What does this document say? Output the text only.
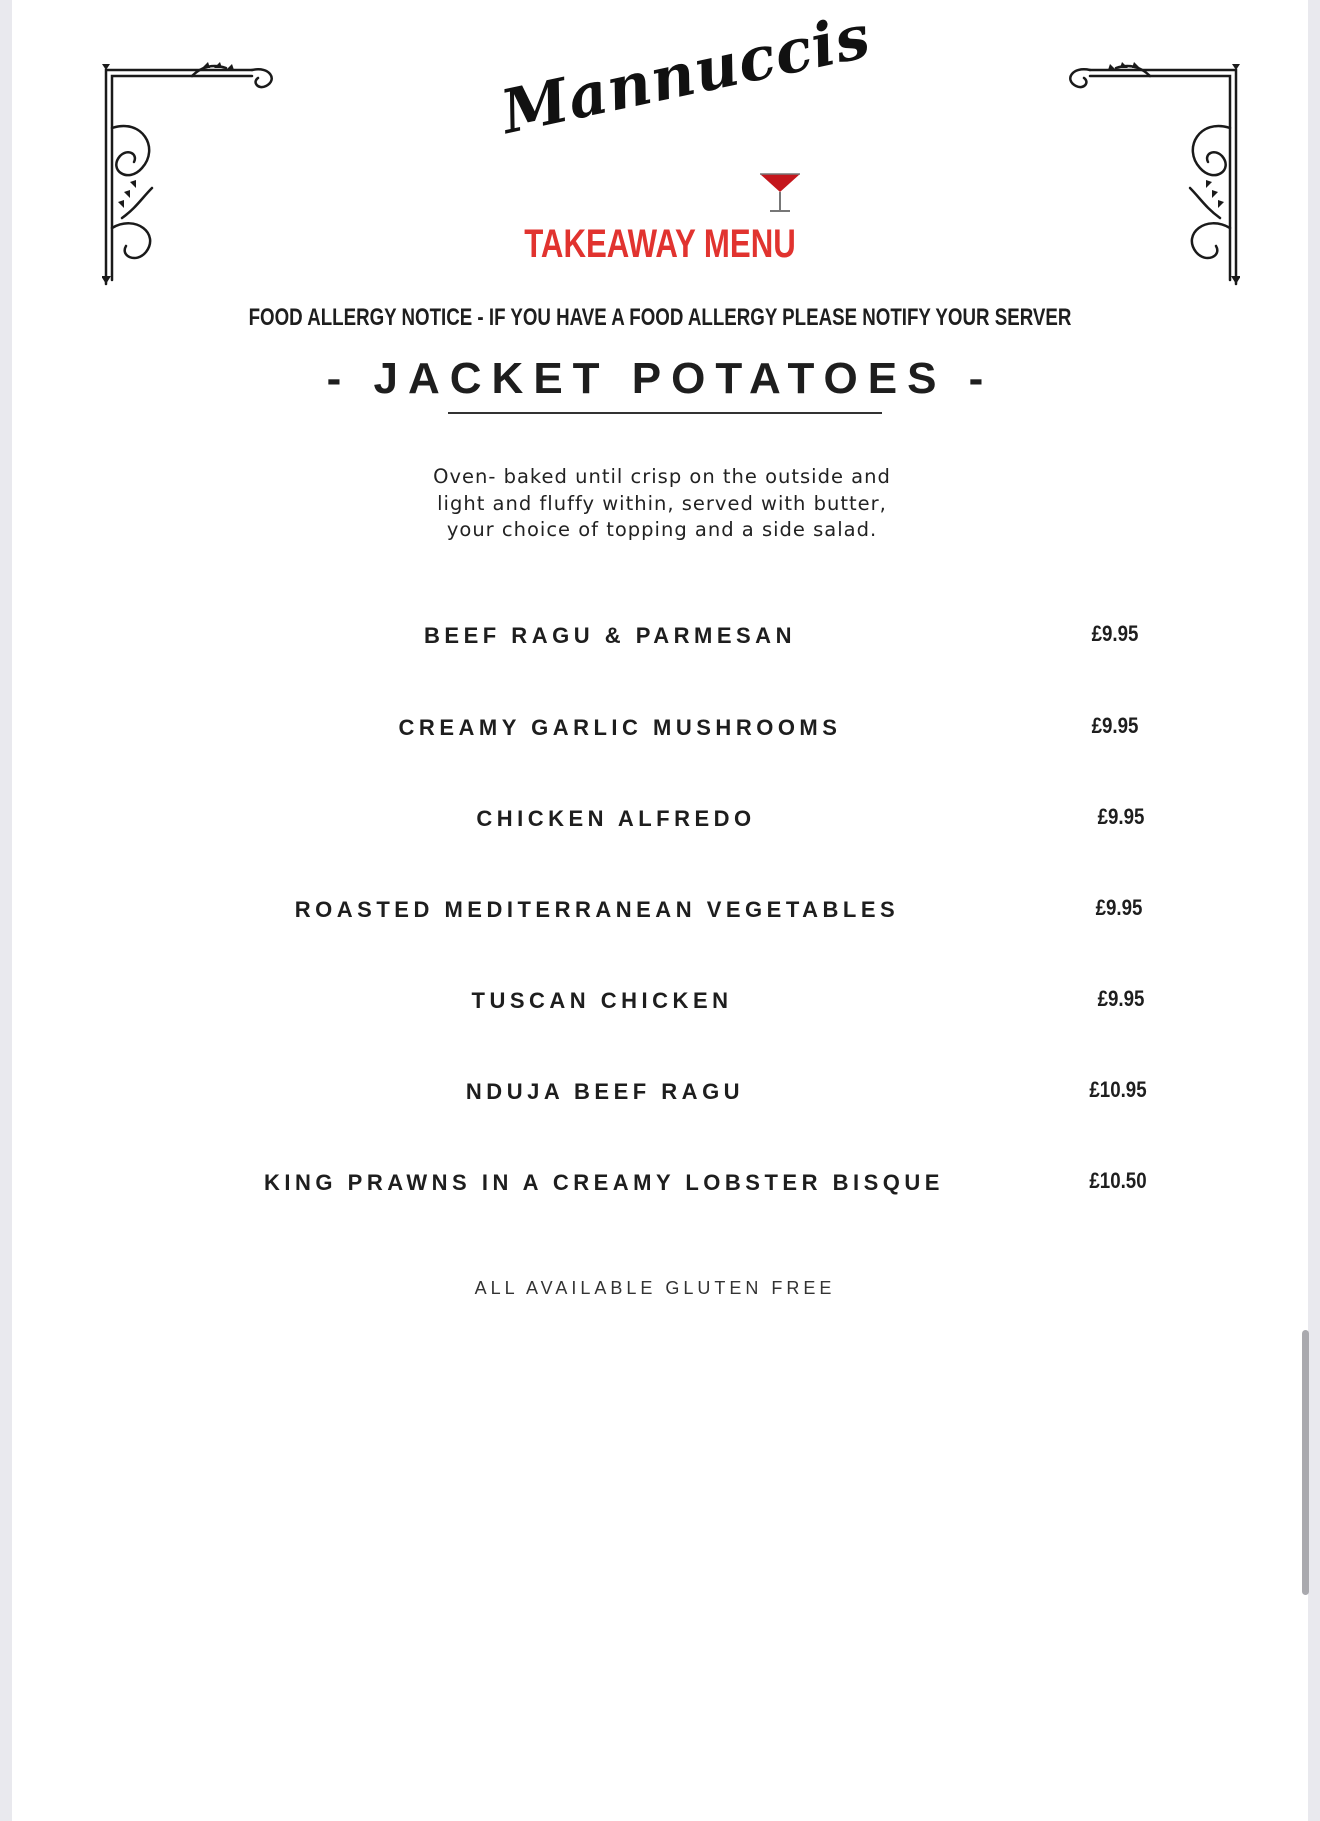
Mannuccis
TAKEAWAY MENU
FOOD ALLERGY NOTICE - IF YOU HAVE A FOOD ALLERGY PLEASE NOTIFY YOUR SERVER
- JACKET POTATOES -
Oven- baked until crisp on the outside and light and fluffy within, served with butter, your choice of topping and a side salad.
BEEF RAGU & PARMESAN	£9.95
CREAMY GARLIC MUSHROOMS	£9.95
CHICKEN ALFREDO	£9.95
ROASTED MEDITERRANEAN VEGETABLES	£9.95
TUSCAN CHICKEN	£9.95
NDUJA BEEF RAGU	£10.95
KING PRAWNS IN A CREAMY LOBSTER BISQUE	£10.50
ALL AVAILABLE GLUTEN FREE
